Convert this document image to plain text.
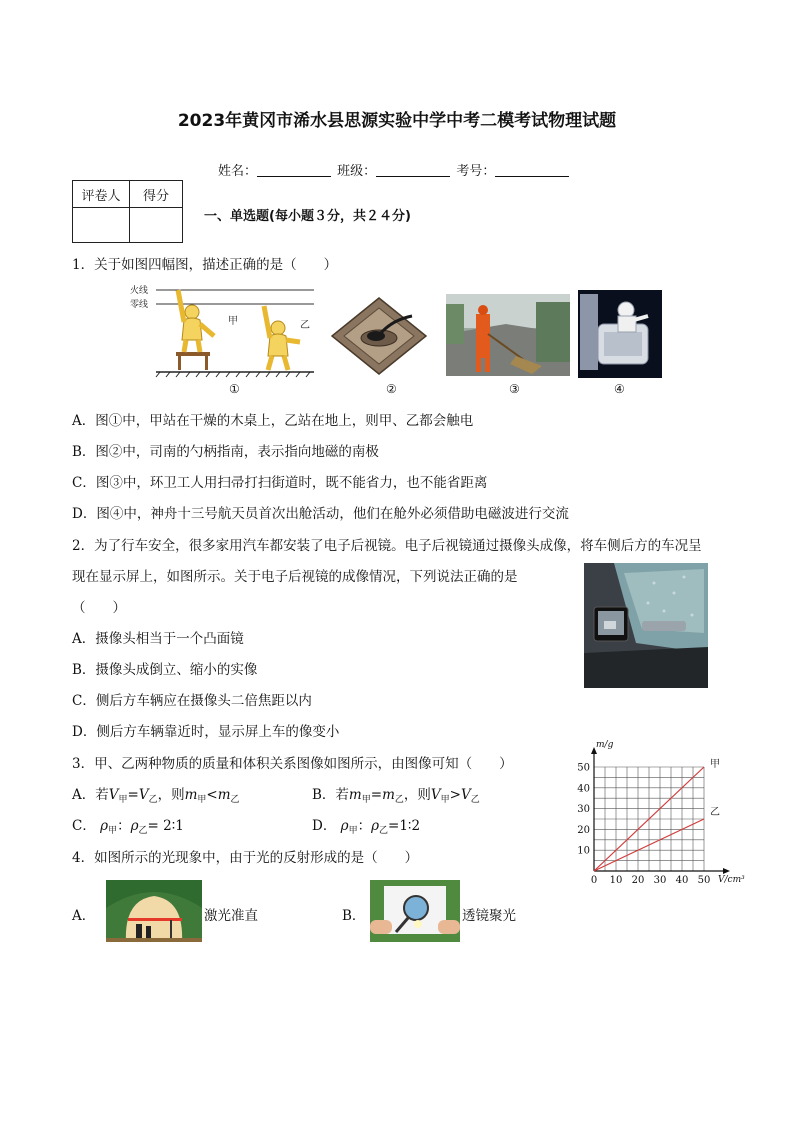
2023年黄冈市浠水县思源实验中学中考二模考试物理试题
姓名：	班级：	考号：
评卷人	得分

一、单选题(每小题３分，共２４分)
1．关于如图四幅图，描述正确的是（　　）
火线
零线
甲	乙
①	②	③	④
A．图①中，甲站在干燥的木桌上，乙站在地上，则甲、乙都会触电
B．图②中，司南的勺柄指南，表示指向地磁的南极
C．图③中，环卫工人用扫帚打扫街道时，既不能省力，也不能省距离
D．图④中，神舟十三号航天员首次出舱活动，他们在舱外必须借助电磁波进行交流
2．为了行车安全，很多家用汽车都安装了电子后视镜。电子后视镜通过摄像头成像，将车侧后方的车况呈
现在显示屏上，如图所示。关于电子后视镜的成像情况，下列说法正确的是
（　　）
A．摄像头相当于一个凸面镜
B．摄像头成倒立、缩小的实像
C．侧后方车辆应在摄像头二倍焦距以内
D．侧后方车辆靠近时，显示屏上车的像变小
3．甲、乙两种物质的质量和体积关系图像如图所示，由图像可知（　　）
A．若$V_甲=V_乙$，则$m_甲<m_乙$	B．若$m_甲=m_乙$，则$V_甲>V_乙$
C． $\rho_甲$：$\rho_乙=$ 2∶1	D． $\rho_甲$：$\rho_乙=1∶2$
0 10 20 30 40 50
10
20
30
40
50
V/cm³
m/g
甲
乙
4．如图所示的光现象中，由于光的反射形成的是（　　）
A．	激光准直	B．	透镜聚光
